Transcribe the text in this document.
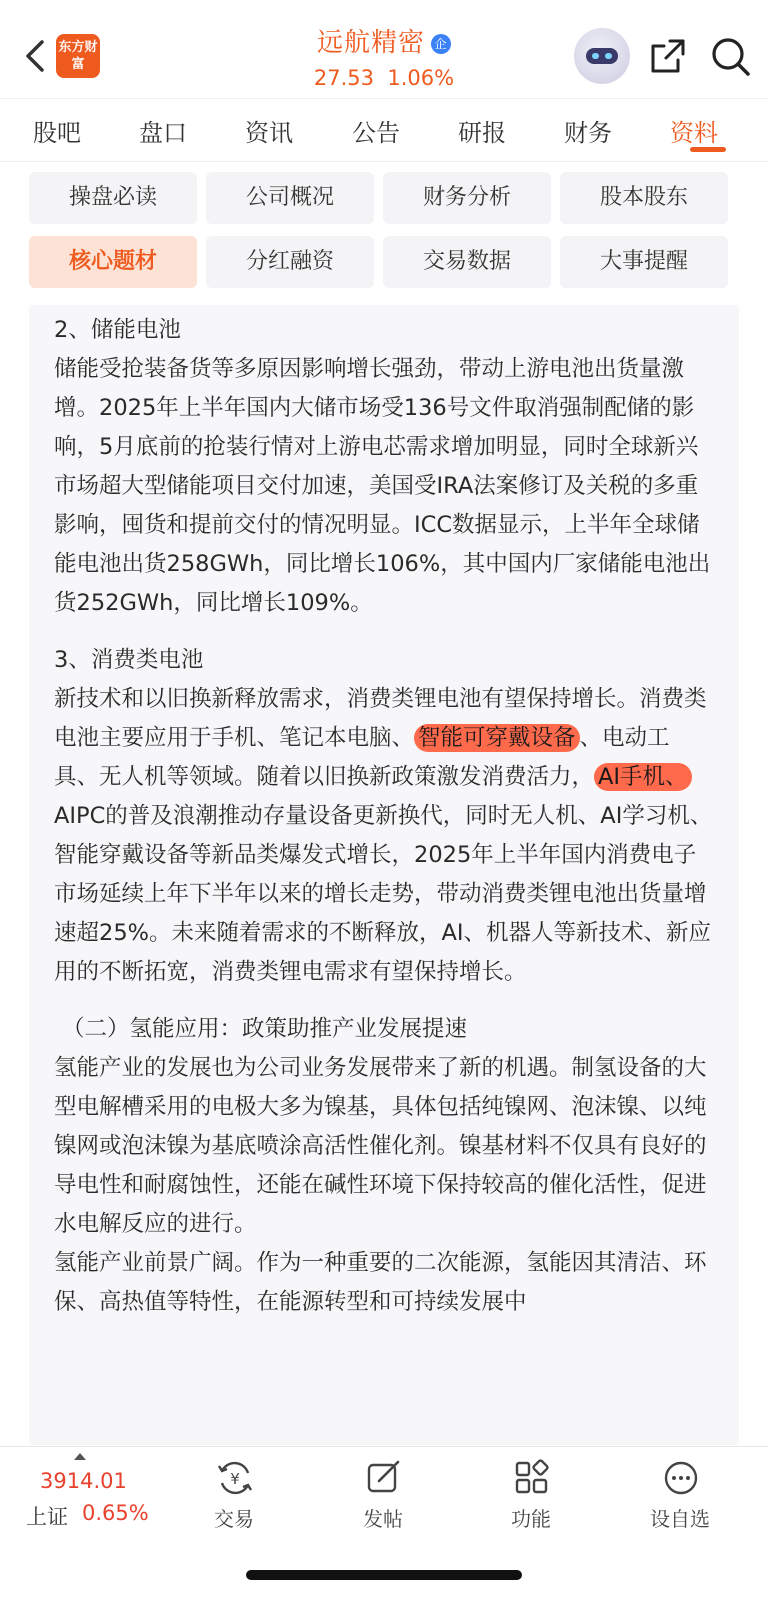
东方财富
远航精密 企
27.53 1.06%
股吧 盘口 资讯 公告 研报 财务 资料
操盘必读	公司概况	财务分析	股本股东
核心题材	分红融资	交易数据	大事提醒

2、储能电池

储能受抢装备货等多原因影响增长强劲，带动上游电池出货量激增。2025年上半年国内大储市场受136号文件取消强制配储的影响，5月底前的抢装行情对上游电芯需求增加明显，同时全球新兴市场超大型储能项目交付加速，美国受IRA法案修订及关税的多重影响，囤货和提前交付的情况明显。ICC数据显示，上半年全球储能电池出货258GWh，同比增长106%，其中国内厂家储能电池出货252GWh，同比增长109%。

3、消费类电池

新技术和以旧换新释放需求，消费类锂电池有望保持增长。消费类电池主要应用于手机、笔记本电脑、 智能可穿戴设备 、电动工具、无人机等领域。随着以旧换新政策激发消费活力， AI手机、AIPC的普及浪潮推动存量设备更新换代，同时无人机、AI学习机、智能穿戴设备等新品类爆发式增长，2025年上半年国内消费电子市场延续上年下半年以来的增长走势，带动消费类锂电池出货量增速超25%。未来随着需求的不断释放，AI、机器人等新技术、新应用的不断拓宽，消费类锂电需求有望保持增长。

（二）氢能应用：政策助推产业发展提速

氢能产业的发展也为公司业务发展带来了新的机遇。制氢设备的大型电解槽采用的电极大多为镍基，具体包括纯镍网、泡沫镍、以纯镍网或泡沫镍为基底喷涂高活性催化剂。镍基材料不仅具有良好的导电性和耐腐蚀性，还能在碱性环境下保持较高的催化活性，促进水电解反应的进行。

氢能产业前景广阔。作为一种重要的二次能源，氢能因其清洁、环保、高热值等特性，在能源转型和可持续发展中

3914.01
上证 0.65%
¥
交易	发帖	功能	设自选
